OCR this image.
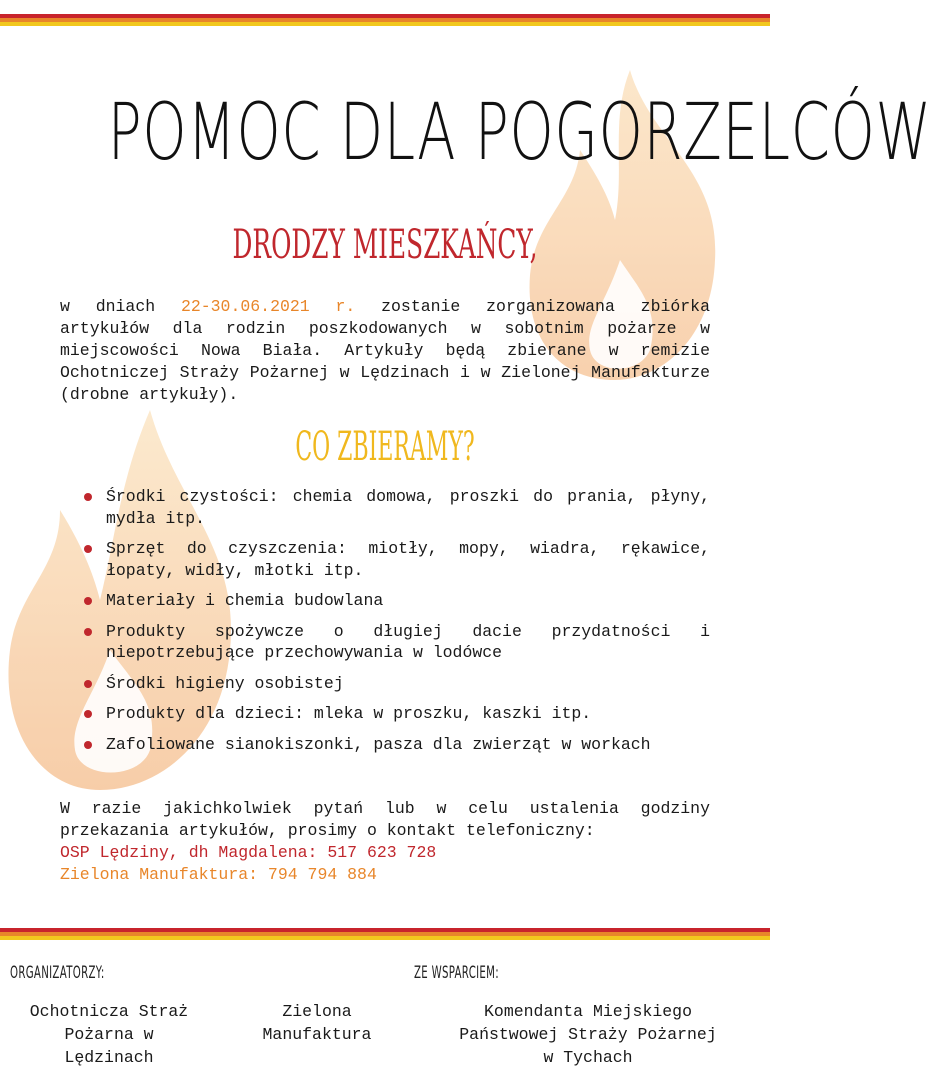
POMOC DLA POGORZELCÓW
DRODZY MIESZKAŃCY,
w dniach 22-30.06.2021 r. zostanie zorganizowana zbiórka artykułów dla rodzin poszkodowanych w sobotnim pożarze w miejscowości Nowa Biała. Artykuły będą zbierane w remizie Ochotniczej Straży Pożarnej w Lędzinach i w Zielonej Manufakturze (drobne artykuły).
CO ZBIERAMY?
Środki czystości: chemia domowa, proszki do prania, płyny, mydła itp.
Sprzęt do czyszczenia: miotły, mopy, wiadra, rękawice, łopaty, widły, młotki itp.
Materiały i chemia budowlana
Produkty spożywcze o długiej dacie przydatności i niepotrzebujące przechowywania w lodówce
Środki higieny osobistej
Produkty dla dzieci: mleka w proszku, kaszki itp.
Zafoliowane sianokiszonki, pasza dla zwierząt w workach
W razie jakichkolwiek pytań lub w celu ustalenia godziny przekazania artykułów, prosimy o kontakt telefoniczny:
OSP Lędziny, dh Magdalena: 517 623 728
Zielona Manufaktura: 794 794 884
ORGANIZATORZY:	ZE WSPARCIEM:
Ochotnicza Straż
Pożarna w
Lędzinach
Zielona
Manufaktura
Komendanta Miejskiego
Państwowej Straży Pożarnej
w Tychach
